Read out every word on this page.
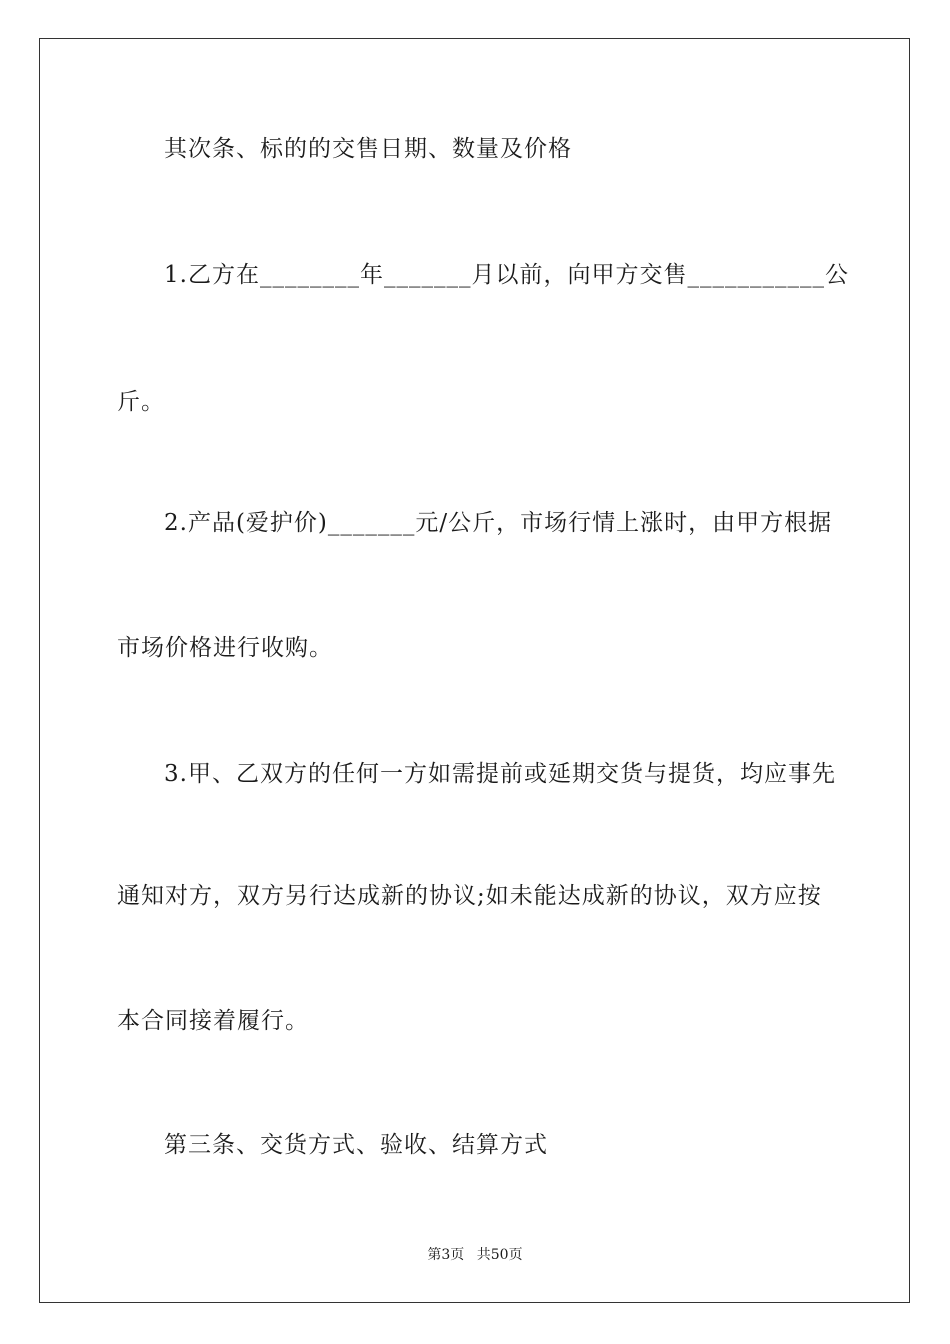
其次条、标的的交售日期、数量及价格
1.乙方在________年_______月以前，向甲方交售___________公
斤。
2.产品(爱护价)_______元/公斤，市场行情上涨时，由甲方根据
市场价格进行收购。
3.甲、乙双方的任何一方如需提前或延期交货与提货，均应事先
通知对方，双方另行达成新的协议;如未能达成新的协议，双方应按
本合同接着履行。
第三条、交货方式、验收、结算方式
第3页 共50页
